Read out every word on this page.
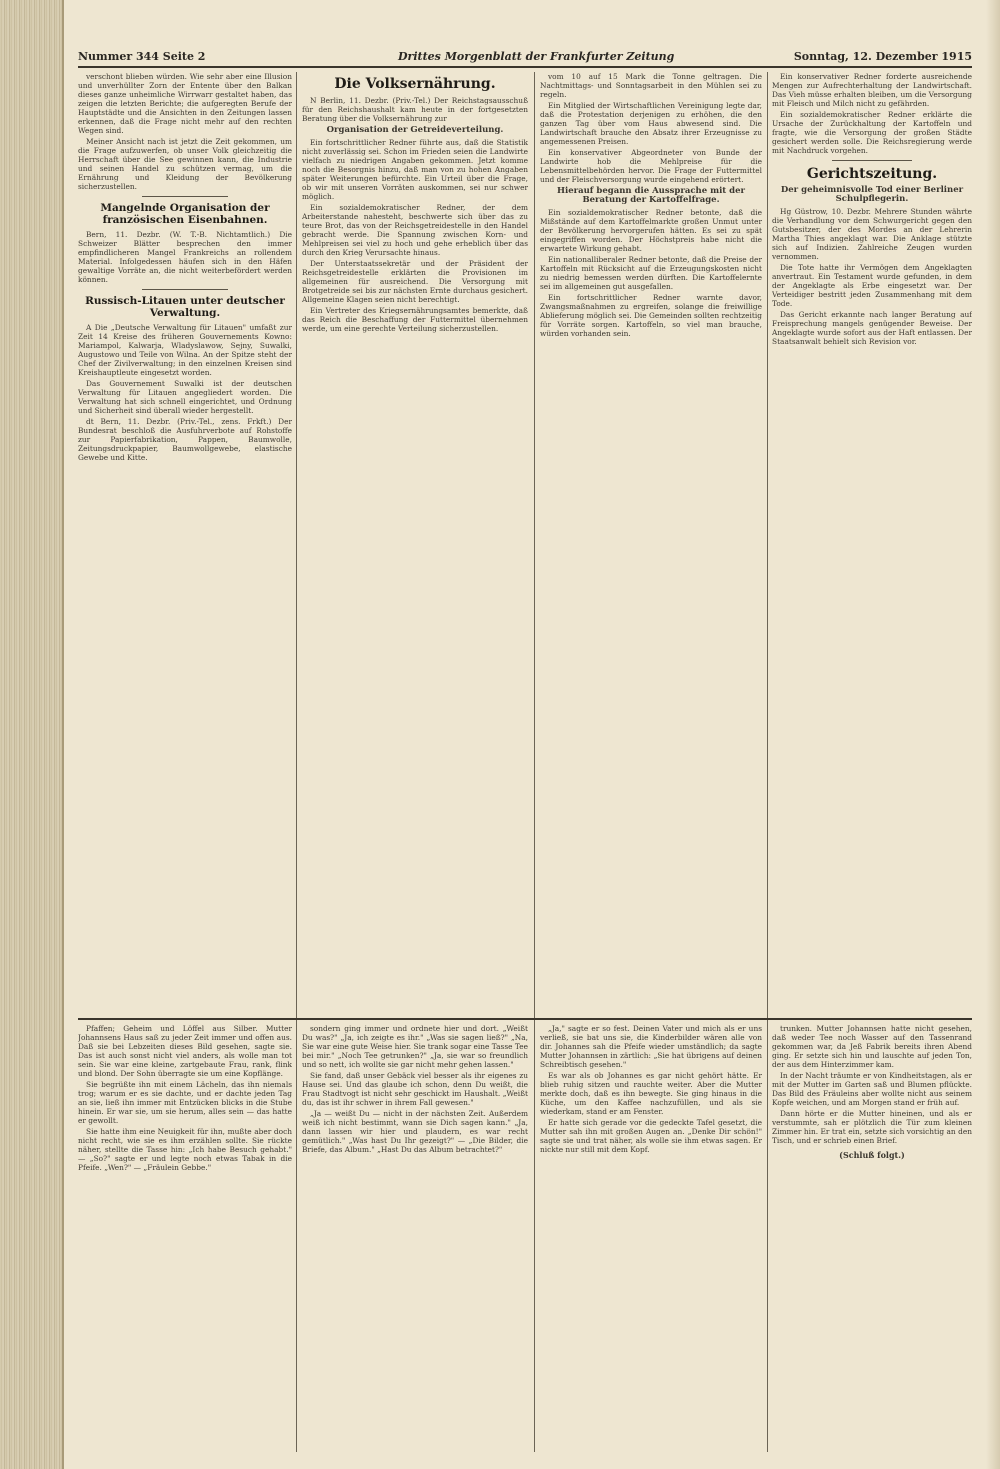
Nummer 344 Seite 2	Drittes Morgenblatt der Frankfurter Zeitung	Sonntag, 12. Dezember 1915

verschont blieben würden. Wie sehr aber eine Illusion und unverhüllter Zorn der Entente über den Balkan dieses ganze unheimliche Wirrwarr gestaltet haben, das zeigen die letzten Berichte; die aufgeregten Berufe der Hauptstädte und die Ansichten in den Zeitungen lassen erkennen, daß die Frage nicht mehr auf den rechten Wegen sind.

Meiner Ansicht nach ist jetzt die Zeit gekommen, um die Frage aufzuwerfen, ob unser Volk gleichzeitig die Herrschaft über die See gewinnen kann, die Industrie und seinen Handel zu schützen vermag, um die Ernährung und Kleidung der Bevölkerung sicherzustellen.

Mangelnde Organisation der französischen Eisenbahnen.

Bern, 11. Dezbr. (W. T.-B. Nichtamtlich.) Die Schweizer Blätter besprechen den immer empfindlicheren Mangel Frankreichs an rollendem Material. Infolgedessen häufen sich in den Häfen gewaltige Vorräte an, die nicht weiterbefördert werden können.

Russisch-Litauen unter deutscher Verwaltung.

A Die „Deutsche Verwaltung für Litauen" umfaßt zur Zeit 14 Kreise des früheren Gouvernements Kowno: Mariampol, Kalwarja, Wladyslawow, Sejny, Suwalki, Augustowo und Teile von Wilna. An der Spitze steht der Chef der Zivilverwaltung; in den einzelnen Kreisen sind Kreishauptleute eingesetzt worden.

Das Gouvernement Suwalki ist der deutschen Verwaltung für Litauen angegliedert worden. Die Verwaltung hat sich schnell eingerichtet, und Ordnung und Sicherheit sind überall wieder hergestellt.

dt Bern, 11. Dezbr. (Priv.-Tel., zens. Frkft.) Der Bundesrat beschloß die Ausfuhrverbote auf Rohstoffe zur Papierfabrikation, Pappen, Baumwolle, Zeitungsdruckpapier, Baumwollgewebe, elastische Gewebe und Kitte.

Die Volksernährung.

N Berlin, 11. Dezbr. (Priv.-Tel.) Der Reichstagsausschuß für den Reichshaushalt kam heute in der fortgesetzten Beratung über die Volksernährung zur

Organisation der Getreideverteilung.

Ein fortschrittlicher Redner führte aus, daß die Statistik nicht zuverlässig sei. Schon im Frieden seien die Landwirte vielfach zu niedrigen Angaben gekommen. Jetzt komme noch die Besorgnis hinzu, daß man von zu hohen Angaben später Weiterungen befürchte. Ein Urteil über die Frage, ob wir mit unseren Vorräten auskommen, sei nur schwer möglich.

Ein sozialdemokratischer Redner, der dem Arbeiterstande nahesteht, beschwerte sich über das zu teure Brot, das von der Reichsgetreidestelle in den Handel gebracht werde. Die Spannung zwischen Korn- und Mehlpreisen sei viel zu hoch und gehe erheblich über das durch den Krieg Verursachte hinaus.

Der Unterstaatssekretär und der Präsident der Reichsgetreidestelle erklärten die Provisionen im allgemeinen für ausreichend. Die Versorgung mit Brotgetreide sei bis zur nächsten Ernte durchaus gesichert. Allgemeine Klagen seien nicht berechtigt.

Ein Vertreter des Kriegsernährungsamtes bemerkte, daß das Reich die Beschaffung der Futtermittel übernehmen werde, um eine gerechte Verteilung sicherzustellen.

vom 10 auf 15 Mark die Tonne geltragen. Die Nachtmittags- und Sonntagsarbeit in den Mühlen sei zu regeln.

Ein Mitglied der Wirtschaftlichen Vereinigung legte dar, daß die Protestation derjenigen zu erhöhen, die den ganzen Tag über vom Haus abwesend sind. Die Landwirtschaft brauche den Absatz ihrer Erzeugnisse zu angemessenen Preisen.

Ein konservativer Abgeordneter von Bunde der Landwirte hob die Mehlpreise für die Lebensmittelbehörden hervor. Die Frage der Futtermittel und der Fleischversorgung wurde eingehend erörtert.

Hierauf begann die Aussprache mit der Beratung der Kartoffelfrage.

Ein sozialdemokratischer Redner betonte, daß die Mißstände auf dem Kartoffelmarkte großen Unmut unter der Bevölkerung hervorgerufen hätten. Es sei zu spät eingegriffen worden. Der Höchstpreis habe nicht die erwartete Wirkung gehabt.

Ein nationalliberaler Redner betonte, daß die Preise der Kartoffeln mit Rücksicht auf die Erzeugungskosten nicht zu niedrig bemessen werden dürften. Die Kartoffelernte sei im allgemeinen gut ausgefallen.

Ein fortschrittlicher Redner warnte davor, Zwangsmaßnahmen zu ergreifen, solange die freiwillige Ablieferung möglich sei. Die Gemeinden sollten rechtzeitig für Vorräte sorgen. Kartoffeln, so viel man brauche, würden vorhanden sein.

Ein konservativer Redner forderte ausreichende Mengen zur Aufrechterhaltung der Landwirtschaft. Das Vieh müsse erhalten bleiben, um die Versorgung mit Fleisch und Milch nicht zu gefährden.

Ein sozialdemokratischer Redner erklärte die Ursache der Zurückhaltung der Kartoffeln und fragte, wie die Versorgung der großen Städte gesichert werden solle. Die Reichsregierung werde mit Nachdruck vorgehen.

Gerichtszeitung.
Der geheimnisvolle Tod einer Berliner Schulpflegerin.

Hg Güstrow, 10. Dezbr. Mehrere Stunden währte die Verhandlung vor dem Schwurgericht gegen den Gutsbesitzer, der des Mordes an der Lehrerin Martha Thies angeklagt war. Die Anklage stützte sich auf Indizien. Zahlreiche Zeugen wurden vernommen.

Die Tote hatte ihr Vermögen dem Angeklagten anvertraut. Ein Testament wurde gefunden, in dem der Angeklagte als Erbe eingesetzt war. Der Verteidiger bestritt jeden Zusammenhang mit dem Tode.

Das Gericht erkannte nach langer Beratung auf Freisprechung mangels genügender Beweise. Der Angeklagte wurde sofort aus der Haft entlassen. Der Staatsanwalt behielt sich Revision vor.

Pfaffen; Geheim und Löffel aus Silber. Mutter Johannsens Haus saß zu jeder Zeit immer und offen aus. Daß sie bei Lebzeiten dieses Bild gesehen, sagte sie. Das ist auch sonst nicht viel anders, als wolle man tot sein. Sie war eine kleine, zartgebaute Frau, rank, flink und blond. Der Sohn überragte sie um eine Kopflänge.

Sie begrüßte ihn mit einem Lächeln, das ihn niemals trog; warum er es sie dachte, und er dachte jeden Tag an sie, ließ ihn immer mit Entzücken blicks in die Stube hinein. Er war sie, um sie herum, alles sein — das hatte er gewollt.

Sie hatte ihm eine Neuigkeit für ihn, mußte aber doch nicht recht, wie sie es ihm erzählen sollte. Sie rückte näher, stellte die Tasse hin: „Ich habe Besuch gehabt." — „So?" sagte er und legte noch etwas Tabak in die Pfeife. „Wen?" — „Fräulein Gebbe."

sondern ging immer und ordnete hier und dort. „Weißt Du was?" „Ja, ich zeigte es ihr." „Was sie sagen ließ?" „Na, Sie war eine gute Weise hier. Sie trank sogar eine Tasse Tee bei mir." „Noch Tee getrunken?" „Ja, sie war so freundlich und so nett, ich wollte sie gar nicht mehr gehen lassen."

Sie fand, daß unser Gebäck viel besser als ihr eigenes zu Hause sei. Und das glaube ich schon, denn Du weißt, die Frau Stadtvogt ist nicht sehr geschickt im Haushalt. „Weißt du, das ist ihr schwer in ihrem Fall gewesen."

„Ja — weißt Du — nicht in der nächsten Zeit. Außerdem weiß ich nicht bestimmt, wann sie Dich sagen kann." „Ja, dann lassen wir hier und plaudern, es war recht gemütlich." „Was hast Du Ihr gezeigt?" — „Die Bilder, die Briefe, das Album." „Hast Du das Album betrachtet?"

„Ja," sagte er so fest. Deinen Vater und mich als er uns verließ, sie bat uns sie, die Kinderbilder wären alle von dir. Johannes sah die Pfeife wieder umständlich; da sagte Mutter Johannsen in zärtlich: „Sie hat übrigens auf deinen Schreibtisch gesehen."

Es war als ob Johannes es gar nicht gehört hätte. Er blieb ruhig sitzen und rauchte weiter. Aber die Mutter merkte doch, daß es ihn bewegte. Sie ging hinaus in die Küche, um den Kaffee nachzufüllen, und als sie wiederkam, stand er am Fenster.

Er hatte sich gerade vor die gedeckte Tafel gesetzt, die Mutter sah ihn mit großen Augen an. „Denke Dir schön!" sagte sie und trat näher, als wolle sie ihm etwas sagen. Er nickte nur still mit dem Kopf.

trunken. Mutter Johannsen hatte nicht gesehen, daß weder Tee noch Wasser auf den Tassenrand gekommen war, da Jeß Fabrik bereits ihren Abend ging. Er setzte sich hin und lauschte auf jeden Ton, der aus dem Hinterzimmer kam.

In der Nacht träumte er von Kindheitstagen, als er mit der Mutter im Garten saß und Blumen pflückte. Das Bild des Fräuleins aber wollte nicht aus seinem Kopfe weichen, und am Morgen stand er früh auf.

Dann hörte er die Mutter hineinen, und als er verstummte, sah er plötzlich die Tür zum kleinen Zimmer hin. Er trat ein, setzte sich vorsichtig an den Tisch, und er schrieb einen Brief.

(Schluß folgt.)
